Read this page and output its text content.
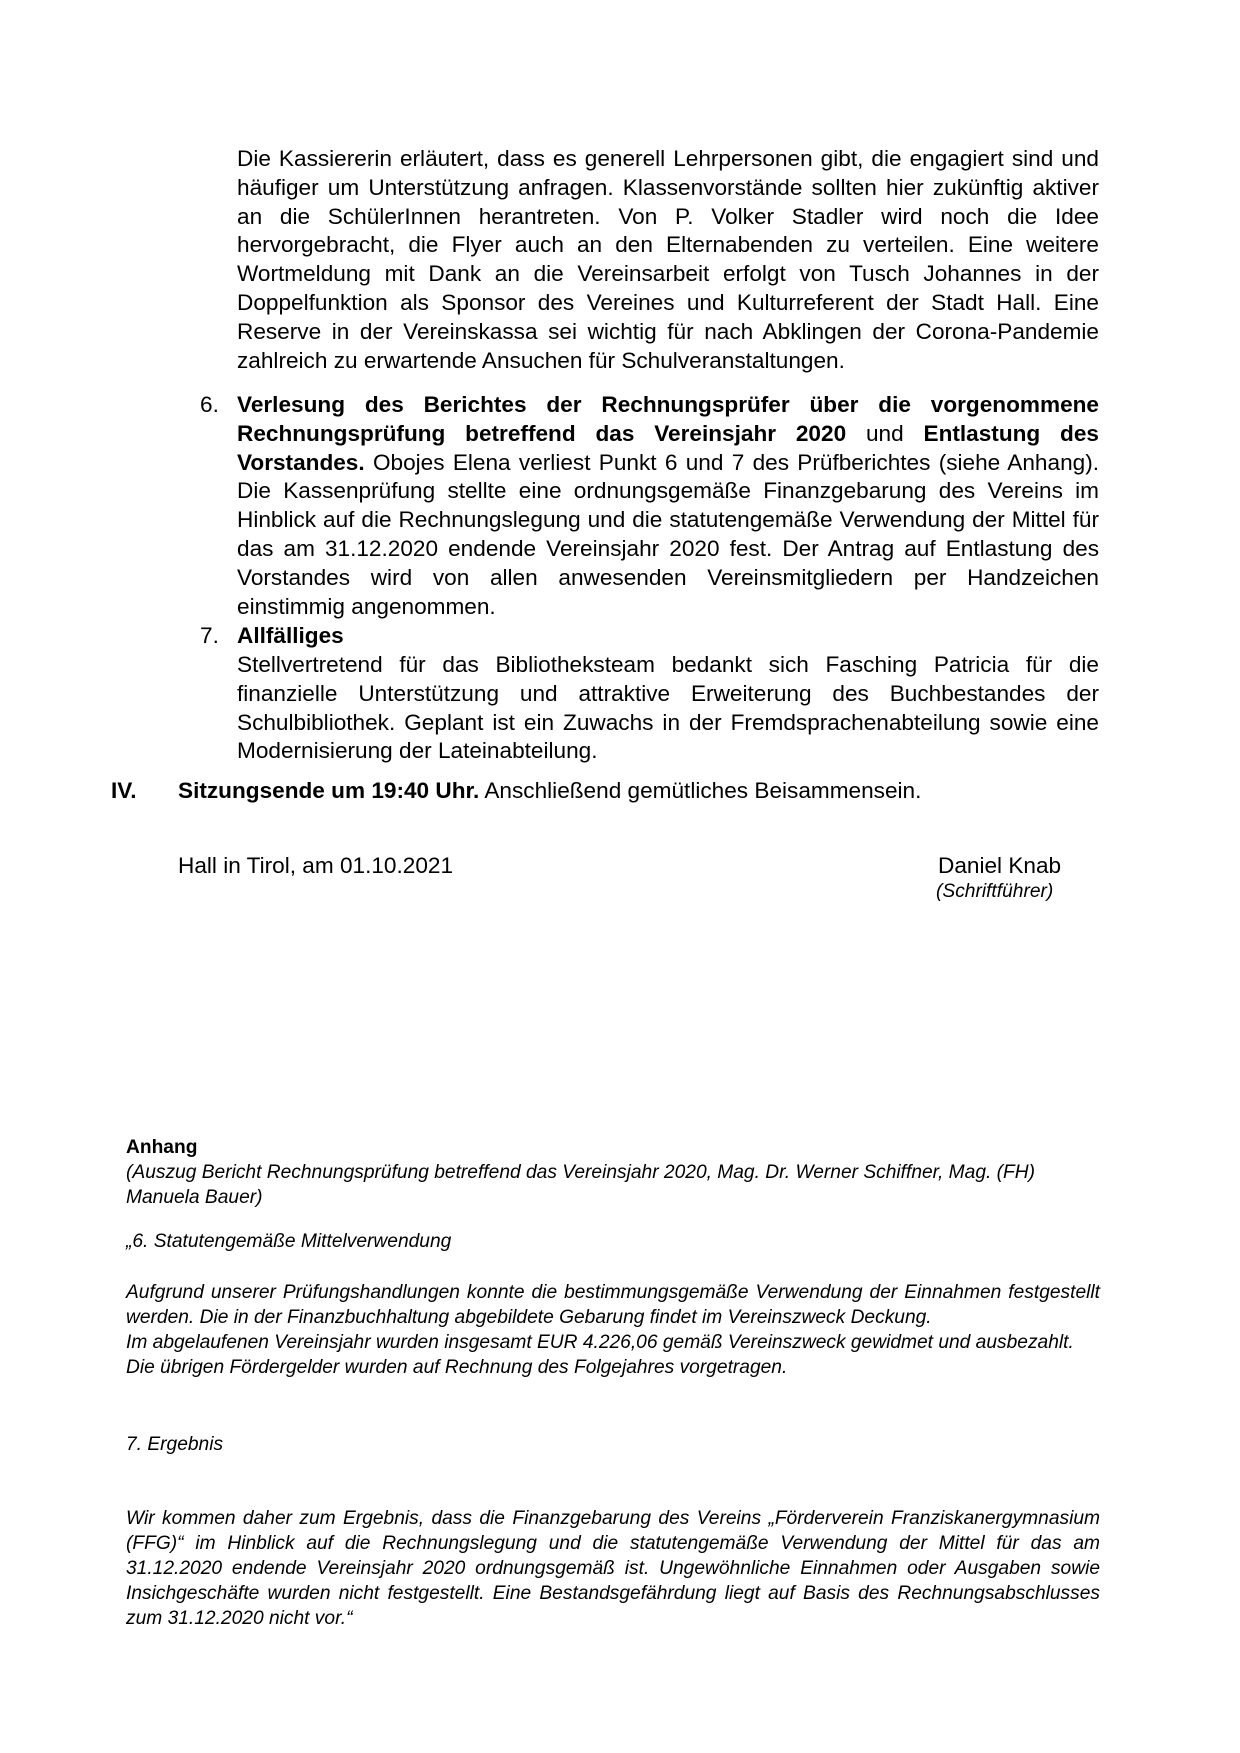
Die Kassiererin erläutert, dass es generell Lehrpersonen gibt, die engagiert sind und häufiger um Unterstützung anfragen. Klassenvorstände sollten hier zukünftig aktiver an die SchülerInnen herantreten. Von P. Volker Stadler wird noch die Idee hervorgebracht, die Flyer auch an den Elternabenden zu verteilen. Eine weitere Wortmeldung mit Dank an die Vereinsarbeit erfolgt von Tusch Johannes in der Doppelfunktion als Sponsor des Vereines und Kulturreferent der Stadt Hall. Eine Reserve in der Vereinskassa sei wichtig für nach Abklingen der Corona-Pandemie zahlreich zu erwartende Ansuchen für Schulveranstaltungen.

6. Verlesung des Berichtes der Rechnungsprüfer über die vorgenommene Rechnungsprüfung betreffend das Vereinsjahr 2020 und Entlastung des Vorstandes. Obojes Elena verliest Punkt 6 und 7 des Prüfberichtes (siehe Anhang). Die Kassenprüfung stellte eine ordnungsgemäße Finanzgebarung des Vereins im Hinblick auf die Rechnungslegung und die statutengemäße Verwendung der Mittel für das am 31.12.2020 endende Vereinsjahr 2020 fest. Der Antrag auf Entlastung des Vorstandes wird von allen anwesenden Vereinsmitgliedern per Handzeichen einstimmig angenommen.

7. Allfälliges

Stellvertretend für das Bibliotheksteam bedankt sich Fasching Patricia für die finanzielle Unterstützung und attraktive Erweiterung des Buchbestandes der Schulbibliothek. Geplant ist ein Zuwachs in der Fremdsprachenabteilung sowie eine Modernisierung der Lateinabteilung.

IV. Sitzungsende um 19:40 Uhr. Anschließend gemütliches Beisammensein.

Hall in Tirol, am 01.10.2021	Daniel Knab

(Schriftführer)

Anhang

(Auszug Bericht Rechnungsprüfung betreffend das Vereinsjahr 2020, Mag. Dr. Werner Schiffner, Mag. (FH) Manuela Bauer)

„6. Statutengemäße Mittelverwendung

Aufgrund unserer Prüfungshandlungen konnte die bestimmungsgemäße Verwendung der Einnahmen festgestellt werden. Die in der Finanzbuchhaltung abgebildete Gebarung findet im Vereinszweck Deckung.

Im abgelaufenen Vereinsjahr wurden insgesamt EUR 4.226,06 gemäß Vereinszweck gewidmet und ausbezahlt.

Die übrigen Fördergelder wurden auf Rechnung des Folgejahres vorgetragen.

7. Ergebnis

Wir kommen daher zum Ergebnis, dass die Finanzgebarung des Vereins „Förderverein Franziskanergymnasium (FFG)“ im Hinblick auf die Rechnungslegung und die statutengemäße Verwendung der Mittel für das am 31.12.2020 endende Vereinsjahr 2020 ordnungsgemäß ist. Ungewöhnliche Einnahmen oder Ausgaben sowie Insichgeschäfte wurden nicht festgestellt. Eine Bestandsgefährdung liegt auf Basis des Rechnungsabschlusses zum 31.12.2020 nicht vor.“
